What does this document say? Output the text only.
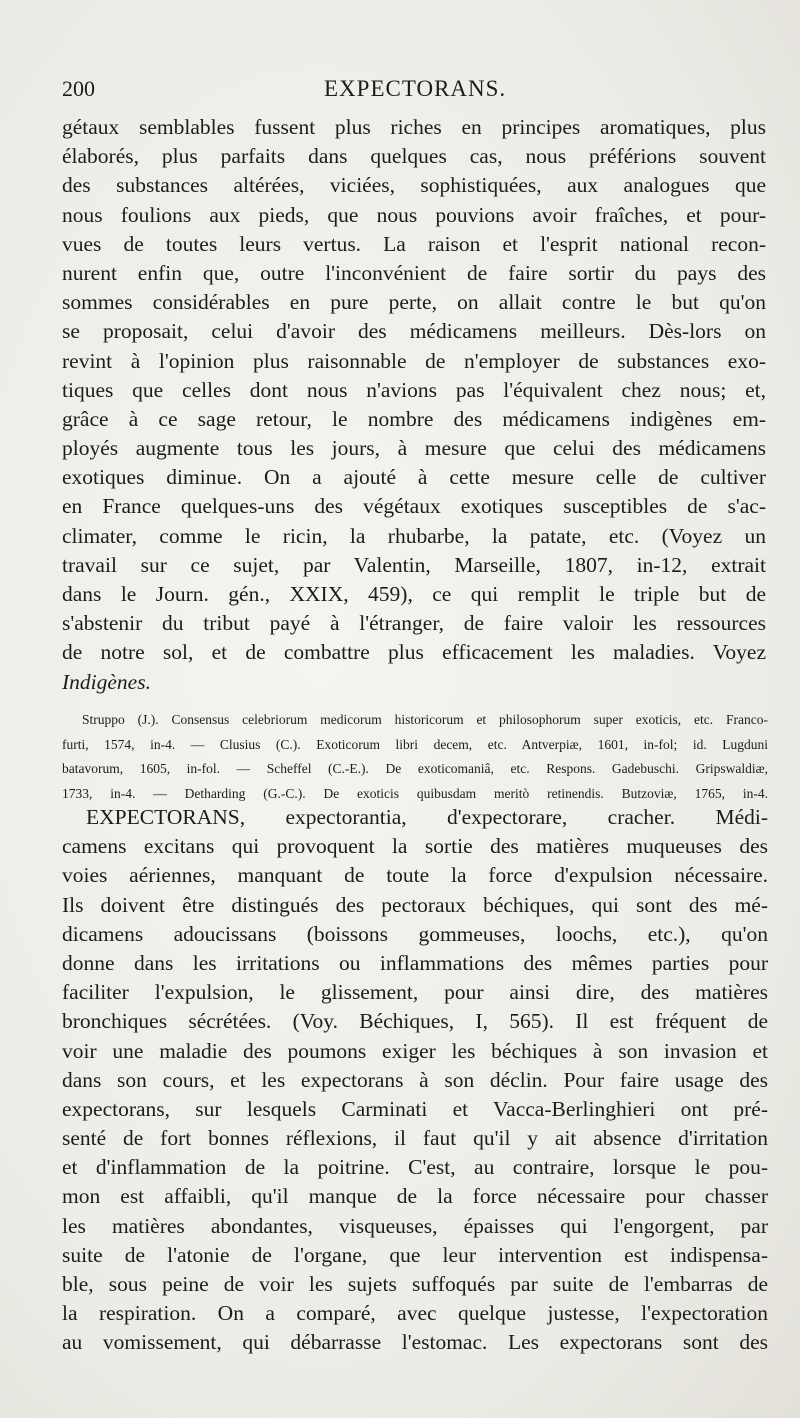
200	EXPECTORANS.
gétaux semblables fussent plus riches en principes aromatiques, plus
élaborés, plus parfaits dans quelques cas, nous préférions souvent
des substances altérées, viciées, sophistiquées, aux analogues que
nous foulions aux pieds, que nous pouvions avoir fraîches, et pour-
vues de toutes leurs vertus. La raison et l'esprit national recon-
nurent enfin que, outre l'inconvénient de faire sortir du pays des
sommes considérables en pure perte, on allait contre le but qu'on
se proposait, celui d'avoir des médicamens meilleurs. Dès-lors on
revint à l'opinion plus raisonnable de n'employer de substances exo-
tiques que celles dont nous n'avions pas l'équivalent chez nous; et,
grâce à ce sage retour, le nombre des médicamens indigènes em-
ployés augmente tous les jours, à mesure que celui des médicamens
exotiques diminue. On a ajouté à cette mesure celle de cultiver
en France quelques-uns des végétaux exotiques susceptibles de s'ac-
climater, comme le ricin, la rhubarbe, la patate, etc. (Voyez un
travail sur ce sujet, par Valentin, Marseille, 1807, in-12, extrait
dans le Journ. gén., XXIX, 459), ce qui remplit le triple but de
s'abstenir du tribut payé à l'étranger, de faire valoir les ressources
de notre sol, et de combattre plus efficacement les maladies. Voyez
Indigènes.
Struppo (J.). Consensus celebriorum medicorum historicorum et philosophorum super exoticis, etc. Franco-
furti, 1574, in-4. — Clusius (C.). Exoticorum libri decem, etc. Antverpiæ, 1601, in-fol; id. Lugduni
batavorum, 1605, in-fol. — Scheffel (C.-E.). De exoticomaniâ, etc. Respons. Gadebuschi. Gripswaldiæ,
1733, in-4. — Detharding (G.-C.). De exoticis quibusdam meritò retinendis. Butzoviæ, 1765, in-4.
EXPECTORANS, expectorantia, d'expectorare, cracher. Médi-
camens excitans qui provoquent la sortie des matières muqueuses des
voies aériennes, manquant de toute la force d'expulsion nécessaire.
Ils doivent être distingués des pectoraux béchiques, qui sont des mé-
dicamens adoucissans (boissons gommeuses, loochs, etc.), qu'on
donne dans les irritations ou inflammations des mêmes parties pour
faciliter l'expulsion, le glissement, pour ainsi dire, des matières
bronchiques sécrétées. (Voy. Béchiques, I, 565). Il est fréquent de
voir une maladie des poumons exiger les béchiques à son invasion et
dans son cours, et les expectorans à son déclin. Pour faire usage des
expectorans, sur lesquels Carminati et Vacca-Berlinghieri ont pré-
senté de fort bonnes réflexions, il faut qu'il y ait absence d'irritation
et d'inflammation de la poitrine. C'est, au contraire, lorsque le pou-
mon est affaibli, qu'il manque de la force nécessaire pour chasser
les matières abondantes, visqueuses, épaisses qui l'engorgent, par
suite de l'atonie de l'organe, que leur intervention est indispensa-
ble, sous peine de voir les sujets suffoqués par suite de l'embarras de
la respiration. On a comparé, avec quelque justesse, l'expectoration
au vomissement, qui débarrasse l'estomac. Les expectorans sont des
